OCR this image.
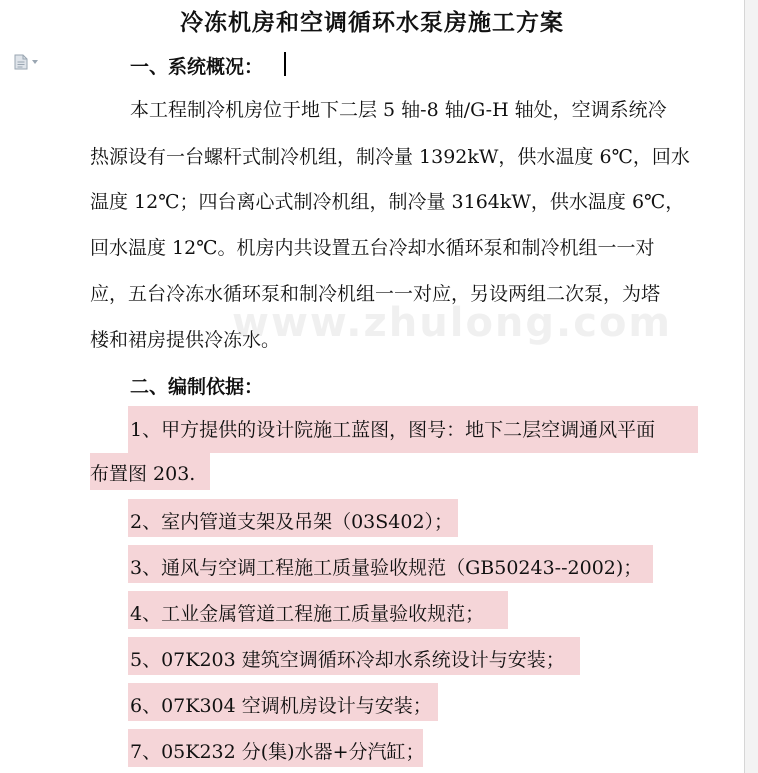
冷冻机房和空调循环水泵房施工方案
一、系统概况：
本工程制冷机房位于地下二层 5 轴-8 轴/G-H 轴处，空调系统冷
热源设有一台螺杆式制冷机组，制冷量 1392kW，供水温度 6℃，回水
温度 12℃；四台离心式制冷机组，制冷量 3164kW，供水温度 6℃，
回水温度 12℃。机房内共设置五台冷却水循环泵和制冷机组一一对
应，五台冷冻水循环泵和制冷机组一一对应，另设两组二次泵，为塔
楼和裙房提供冷冻水。
www.zhulong.com
二、编制依据：
1、甲方提供的设计院施工蓝图，图号：地下二层空调通风平面
布置图 203.
2、室内管道支架及吊架（03S402）；
3、通风与空调工程施工质量验收规范（GB50243--2002)；
4、工业金属管道工程施工质量验收规范；
5、07K203 建筑空调循环冷却水系统设计与安装；
6、07K304 空调机房设计与安装；
7、05K232 分(集)水器+分汽缸；
